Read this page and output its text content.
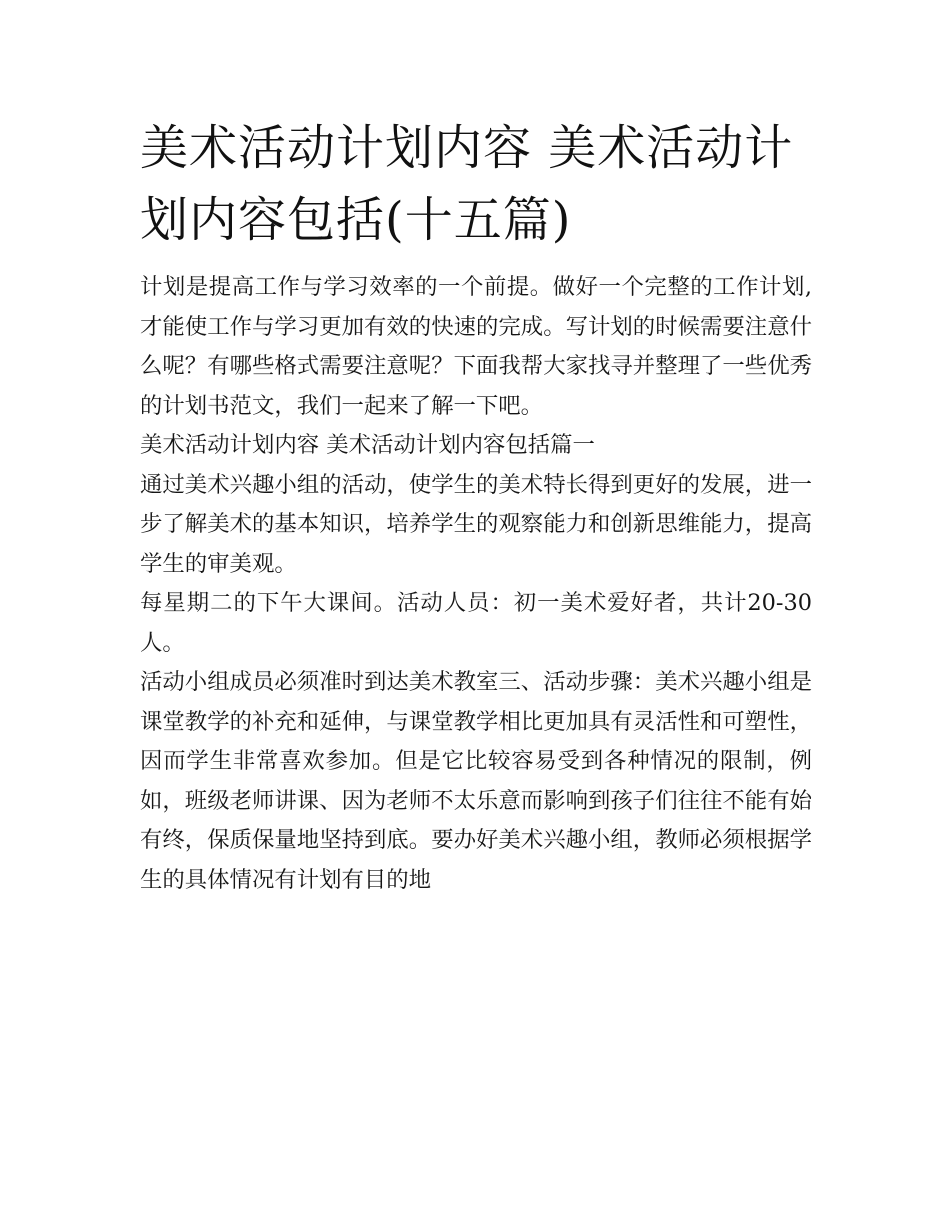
美术活动计划内容 美术活动计划内容包括(十五篇)

计划是提高工作与学习效率的一个前提。做好一个完整的工作计划,才能使工作与学习更加有效的快速的完成。写计划的时候需要注意什么呢？有哪些格式需要注意呢？下面我帮大家找寻并整理了一些优秀的计划书范文，我们一起来了解一下吧。

美术活动计划内容 美术活动计划内容包括篇一

通过美术兴趣小组的活动，使学生的美术特长得到更好的发展，进一步了解美术的基本知识，培养学生的观察能力和创新思维能力，提高学生的审美观。

每星期二的下午大课间。活动人员：初一美术爱好者，共计20-30人。

活动小组成员必须准时到达美术教室三、活动步骤：美术兴趣小组是课堂教学的补充和延伸，与课堂教学相比更加具有灵活性和可塑性，因而学生非常喜欢参加。但是它比较容易受到各种情况的限制，例如，班级老师讲课、因为老师不太乐意而影响到孩子们往往不能有始有终，保质保量地坚持到底。要办好美术兴趣小组，教师必须根据学生的具体情况有计划有目的地
